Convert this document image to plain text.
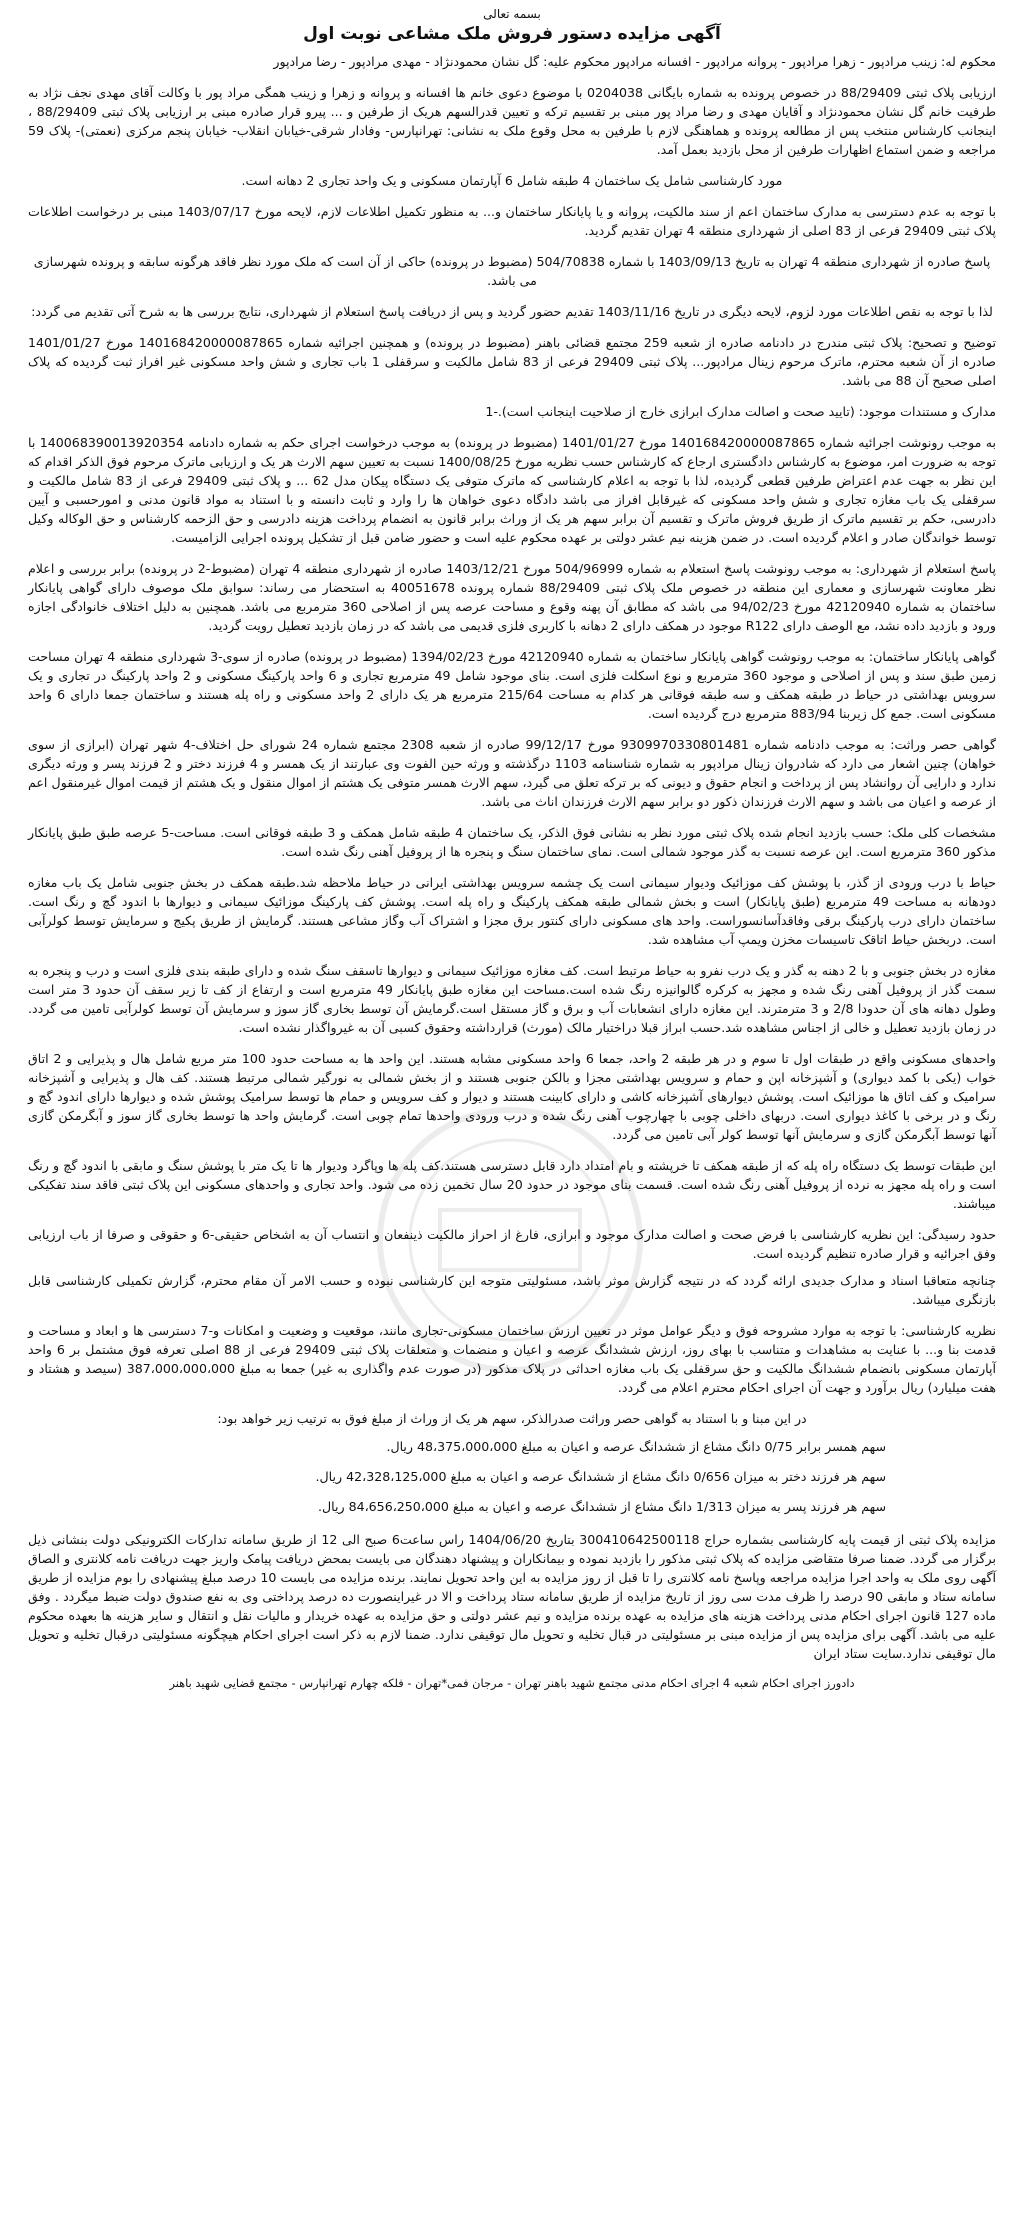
بسمه تعالی

آگهی مزایده دستور فروش ملک مشاعی نوبت اول

محکوم له: زینب مرادپور - زهرا مرادپور - پروانه مرادپور - افسانه مرادپور محکوم علیه: گل نشان محمودنژاد - مهدی مرادپور - رضا مرادپور

ارزیابی پلاک ثبتی 88/29409 در خصوص پرونده به شماره بایگانی 0204038 با موضوع دعوی خانم ها افسانه و پروانه و زهرا و زینب همگی مراد پور با وکالت آقای مهدی نجف نژاد به طرفیت خانم گل نشان محمودنژاد و آقایان مهدی و رضا مراد پور مبنی بر تقسیم ترکه و تعیین قدرالسهم هریک از طرفین و ... پیرو قرار صادره مبنی بر ارزیابی پلاک ثبتی 88/29409 ، اینجانب کارشناس منتخب پس از مطالعه پرونده و هماهنگی لازم با طرفین به محل وقوع ملک به نشانی: تهرانپارس- وفادار شرقی-خیابان انقلاب- خیابان پنجم مرکزی (نعمتی)- پلاک 59 مراجعه و ضمن استماع اظهارات طرفین از محل بازدید بعمل آمد.

مورد کارشناسی شامل یک ساختمان 4 طبقه شامل 6 آپارتمان مسکونی و یک واحد تجاری 2 دهانه است.

با توجه به عدم دسترسی به مدارک ساختمان اعم از سند مالکیت، پروانه و یا پایانکار ساختمان و... به منظور تکمیل اطلاعات لازم، لایحه مورخ 1403/07/17 مبنی بر درخواست اطلاعات پلاک ثبتی 29409 فرعی از 83 اصلی از شهرداری منطقه 4 تهران تقدیم گردید.

پاسخ صادره از شهرداری منطقه 4 تهران به تاریخ 1403/09/13 با شماره 504/70838 (مضبوط در پرونده) حاکی از آن است که ملک مورد نظر فاقد هرگونه سابقه و پرونده شهرسازی می باشد.

لذا با توجه به نقص اطلاعات مورد لزوم، لایحه دیگری در تاریخ 1403/11/16 تقدیم حضور گردید و پس از دریافت پاسخ استعلام از شهرداری، نتایج بررسی ها به شرح آتی تقدیم می گردد:

توضیح و تصحیح: پلاک ثبتی مندرج در دادنامه صادره از شعبه 259 مجتمع قضائی باهنر (مضبوط در پرونده) و همچنین اجرائیه شماره 140168420000087865 مورخ 1401/01/27 صادره از آن شعبه محترم، ماترک مرحوم زینال مرادپور... پلاک ثبتی 29409 فرعی از 83 شامل مالکیت و سرقفلی 1 باب تجاری و شش واحد مسکونی غیر افراز ثبت گردیده که پلاک اصلی صحیح آن 88 می باشد.

مدارک و مستندات موجود: (تایید صحت و اصالت مدارک ابرازی خارج از صلاحیت اینجانب است).-1

به موجب رونوشت اجرائیه شماره 140168420000087865 مورخ 1401/01/27 (مضبوط در پرونده) به موجب درخواست اجرای حکم به شماره دادنامه 140068390013920354 با توجه به ضرورت امر، موضوع به کارشناس دادگستری ارجاع که کارشناس حسب نظریه مورخ 1400/08/25 نسبت به تعیین سهم الارث هر یک و ارزیابی ماترک مرحوم فوق الذکر اقدام که این نظر به جهت عدم اعتراض طرفین قطعی گردیده، لذا با توجه به اعلام کارشناسی که ماترک متوفی یک دستگاه پیکان مدل 62 ... و پلاک ثبتی 29409 فرعی از 83 شامل مالکیت و سرقفلی یک باب مغازه تجاری و شش واحد مسکونی که غیرقابل افراز می باشد دادگاه دعوی خواهان ها را وارد و ثابت دانسته و با استناد به مواد قانون مدنی و امورحسبی و آیین دادرسی، حکم بر تقسیم ماترک از طریق فروش ماترک و تقسیم آن برابر سهم هر یک از وراث برابر قانون به انضمام پرداخت هزینه دادرسی و حق الزحمه کارشناس و حق الوکاله وکیل توسط خواندگان صادر و اعلام گردیده است. در ضمن هزینه نیم عشر دولتی بر عهده محکوم علیه است و حضور ضامن قبل از تشکیل پرونده اجرایی الزامیست.

پاسخ استعلام از شهرداری: به موجب رونوشت پاسخ استعلام به شماره 504/96999 مورخ 1403/12/21 صادره از شهرداری منطقه 4 تهران (مضبوط-2 در پرونده) برابر بررسی و اعلام نظر معاونت شهرسازی و معماری این منطقه در خصوص ملک پلاک ثبتی 88/29409 شماره پرونده 40051678 به استحضار می رساند: سوابق ملک موصوف دارای گواهی پایانکار ساختمان به شماره 42120940 مورخ 94/02/23 می باشد که مطابق آن پهنه وقوع و مساحت عرصه پس از اصلاحی 360 مترمربع می باشد. همچنین به دلیل اختلاف خانوادگی اجازه ورود و بازدید داده نشد، مع الوصف دارای R122 موجود در همکف دارای 2 دهانه با کاربری فلزی قدیمی می باشد که در زمان بازدید تعطیل رویت گردید.

گواهی پایانکار ساختمان: به موجب رونوشت گواهی پایانکار ساختمان به شماره 42120940 مورخ 1394/02/23 (مضبوط در پرونده) صادره از سوی-3 شهرداری منطقه 4 تهران مساحت زمین طبق سند و پس از اصلاحی و موجود 360 مترمربع و نوع اسکلت فلزی است. بنای موجود شامل 49 مترمربع تجاری و 6 واحد پارکینگ مسکونی و 2 واحد پارکینگ در تجاری و یک سرویس بهداشتی در حیاط در طبقه همکف و سه طبقه فوقانی هر کدام به مساحت 215/64 مترمربع هر یک دارای 2 واحد مسکونی و راه پله هستند و ساختمان جمعا دارای 6 واحد مسکونی است. جمع کل زیربنا 883/94 مترمربع درج گردیده است.

گواهی حصر وراثت: به موجب دادنامه شماره 9309970330801481 مورخ 99/12/17 صادره از شعبه 2308 مجتمع شماره 24 شورای حل اختلاف-4 شهر تهران (ابرازی از سوی خواهان) چنین اشعار می دارد که شادروان زینال مرادپور به شماره شناسنامه 1103 درگذشته و ورثه حین الفوت وی عبارتند از یک همسر و 4 فرزند دختر و 2 فرزند پسر و ورثه دیگری ندارد و دارایی آن روانشاد پس از پرداخت و انجام حقوق و دیونی که بر ترکه تعلق می گیرد، سهم الارث همسر متوفی یک هشتم از اموال منقول و یک هشتم از قیمت اموال غیرمنقول اعم از عرصه و اعیان می باشد و سهم الارث فرزندان ذکور دو برابر سهم الارث فرزندان اناث می باشد.

مشخصات کلی ملک: حسب بازدید انجام شده پلاک ثبتی مورد نظر به نشانی فوق الذکر، یک ساختمان 4 طبقه شامل همکف و 3 طبقه فوقانی است. مساحت-5 عرصه طبق طبق پایانکار مذکور 360 مترمربع است. این عرصه نسبت به گذر موجود شمالی است. نمای ساختمان سنگ و پنجره ها از پروفیل آهنی رنگ شده است.

حیاط با درب ورودی از گذر، با پوشش کف موزائیک ودیوار سیمانی است یک چشمه سرویس بهداشتی ایرانی در حیاط ملاحظه شد.طبقه همکف در بخش جنوبی شامل یک باب مغازه دودهانه به مساحت 49 مترمربع (طبق پایانکار) است و بخش شمالی طبقه همکف پارکینگ و راه پله است. پوشش کف پارکینگ موزائیک سیمانی و دیوارها با اندود گچ و رنگ است. ساختمان دارای درب پارکینگ برقی وفاقدآسانسوراست. واحد های مسکونی دارای کنتور برق مجزا و اشتراک آب وگاز مشاعی هستند. گرمایش از طریق پکیج و سرمایش توسط کولرآبی است. دربخش حیاط اتاقک تاسیسات مخزن ویمپ آب مشاهده شد.

مغازه در بخش جنوبی و با 2 دهنه به گذر و یک درب نفرو به حیاط مرتبط است. کف مغازه موزائیک سیمانی و دیوارها تاسقف سنگ شده و دارای طبقه بندی فلزی است و درب و پنجره به سمت گذر از پروفیل آهنی رنگ شده و مجهز به کرکره گالوانیزه رنگ شده است.مساحت این مغازه طبق پایانکار 49 مترمربع است و ارتفاع از کف تا زیر سقف آن حدود 3 متر است وطول دهانه های آن حدودا 2/8 و 3 مترمترند. این مغازه دارای انشعابات آب و برق و گاز مستقل است.گرمایش آن توسط بخاری گاز سوز و سرمایش آن توسط کولرآبی تامین می گردد. در زمان بازدید تعطیل و خالی از اجناس مشاهده شد.حسب ابراز قبلا دراختیار مالک (مورث) قرارداشته وحقوق کسبی آن به غیرواگذار نشده است.

واحدهای مسکونی واقع در طبقات اول تا سوم و در هر طبقه 2 واحد، جمعا 6 واحد مسکونی مشابه هستند. این واحد ها به مساحت حدود 100 متر مربع شامل هال و پذیرایی و 2 اتاق خواب (یکی با کمد دیواری) و آشپزخانه اپن و حمام و سرویس بهداشتی مجزا و بالکن جنوبی هستند و از بخش شمالی به نورگیر شمالی مرتبط هستند. کف هال و پذیرایی و آشپزخانه سرامیک و کف اتاق ها موزائیک است. پوشش دیوارهای آشپزخانه کاشی و دارای کابینت هستند و دیوار و کف سرویس و حمام ها توسط سرامیک پوشش شده و دیوارها دارای اندود گچ و رنگ و در برخی با کاغذ دیواری است. دربهای داخلی چوبی با چهارچوب آهنی رنگ شده و درب ورودی واحدها تمام چوبی است. گرمایش واحد ها توسط بخاری گاز سوز و آبگرمکن گازی آنها توسط آبگرمکن گازی و سرمایش آنها توسط کولر آبی تامین می گردد.

این طبقات توسط یک دستگاه راه پله که از طبقه همکف تا خرپشته و بام امتداد دارد قابل دسترسی هستند.کف پله ها وپاگرد ودیوار ها تا یک متر با پوشش سنگ و مابقی با اندود گچ و رنگ است و راه پله مجهز به نرده از پروفیل آهنی رنگ شده است. قسمت بنای موجود در حدود 20 سال تخمین زده می شود. واحد تجاری و واحدهای مسکونی این پلاک ثبتی فاقد سند تفکیکی میباشند.

حدود رسیدگی: این نظریه کارشناسی با فرض صحت و اصالت مدارک موجود و ابرازی، فارغ از احراز مالکیت ذینفعان و انتساب آن به اشخاص حقیقی-6 و حقوقی و صرفا از باب ارزیابی وفق اجرائیه و قرار صادره تنظیم گردیده است.

چنانچه متعاقبا اسناد و مدارک جدیدی ارائه گردد که در نتیجه گزارش موثر باشد، مسئولیتی متوجه این کارشناسی نبوده و حسب الامر آن مقام محترم، گزارش تکمیلی کارشناسی قابل بازنگری میباشد.

نظریه کارشناسی: با توجه به موارد مشروحه فوق و دیگر عوامل موثر در تعیین ارزش ساختمان مسکونی-تجاری مانند، موقعیت و وضعیت و امکانات و-7 دسترسی ها و ابعاد و مساحت و قدمت بنا و... با عنایت به مشاهدات و متناسب با بهای روز، ارزش ششدانگ عرصه و اعیان و منضمات و متعلقات پلاک ثبتی 29409 فرعی از 88 اصلی تعرفه فوق مشتمل بر 6 واحد آپارتمان مسکونی بانضمام ششدانگ مالکیت و حق سرقفلی یک باب مغازه احداثی در پلاک مذکور (در صورت عدم واگذاری به غیر) جمعا به مبلغ 387،000،000،000 (سیصد و هشتاد و هفت میلیارد) ریال برآورد و جهت آن اجرای احکام محترم اعلام می گردد.

در این مبنا و با استناد به گواهی حصر وراثت صدرالذکر، سهم هر یک از وراث از مبلغ فوق به ترتیب زیر خواهد بود:

سهم همسر برابر 0/75 دانگ مشاع از ششدانگ عرصه و اعیان به مبلغ 48،375،000،000 ریال.
سهم هر فرزند دختر به میزان 0/656 دانگ مشاع از ششدانگ عرصه و اعیان به مبلغ 42،328،125،000 ریال.
سهم هر فرزند پسر به میزان 1/313 دانگ مشاع از ششدانگ عرصه و اعیان به مبلغ 84،656،250،000 ریال.

مزایده پلاک ثبتی از قیمت پایه کارشناسی بشماره حراج 300410642500118 بتاریخ 1404/06/20 راس ساعت6 صبح الی 12 از طریق سامانه تدارکات الکترونیکی دولت بنشانی ذیل برگزار می گردد. ضمنا صرفا متقاضی مزایده که پلاک ثبتی مذکور را بازدید نموده و بیمانکاران و پیشنهاد دهندگان می بایست بمحض دریافت پیامک واریز جهت دریافت نامه کلانتری و الصاق آگهی روی ملک به واحد اجرا مزایده مراجعه وپاسخ نامه کلانتری را تا قبل از روز مزایده به این واحد تحویل نمایند. برنده مزایده می بایست 10 درصد مبلغ پیشنهادی را بوم مزایده از طریق سامانه ستاد و مابقی 90 درصد را ظرف مدت سی روز از تاریخ مزایده از طریق سامانه ستاد پرداخت و الا در غیراینصورت ده درصد پرداختی وی به نفع صندوق دولت ضبط میگردد . وفق ماده 127 قانون اجرای احکام مدنی پرداخت هزینه های مزایده به عهده برنده مزایده و نیم عشر دولتی و حق مزایده به عهده خریدار و مالیات نقل و انتقال و سایر هزینه ها بعهده محکوم علیه می باشد. آگهی برای مزایده پس از مزایده مبنی بر مسئولیتی در قبال تخلیه و تحویل مال توقیفی ندارد. ضمنا لازم به ذکر است اجرای احکام هیچگونه مسئولیتی درقبال تخلیه و تحویل مال توقیفی ندارد.سایت ستاد ایران

دادورز اجرای احکام شعبه 4 اجرای احکام مدنی مجتمع شهید باهنر تهران - مرجان فمی*تهران - فلکه چهارم تهرانپارس - مجتمع قضایی شهید باهنر
